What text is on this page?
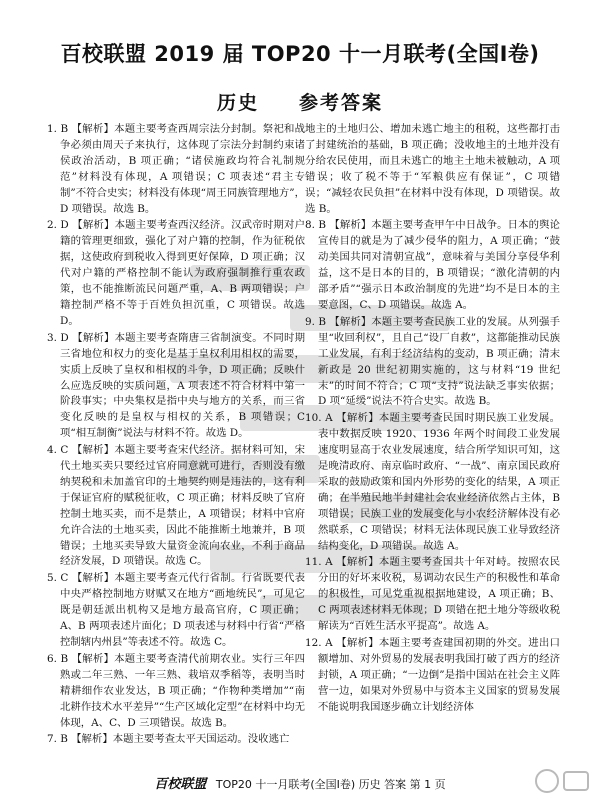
百校联盟 2019 届 TOP20 十一月联考(全国Ⅰ卷)
历史 参考答案

1. B 【解析】本题主要考查西周宗法分封制。祭祀和战争必须由周天子来执行，这体现了宗法分封制约束诸侯政治活动，B 项正确；“诸侯施政均符合礼制规范”材料没有体现，A 项错误；C 项表述“君主专制”不符合史实；材料没有体现“周王同族管理地方”，D 项错误。故选 B。

2. D 【解析】本题主要考查西汉经济。汉武帝时期对户籍的管理更细致，强化了对户籍的控制，作为征税依据，这使政府到税收入得到更好保障，D 项正确；汉代对户籍的严格控制不能认为政府强制推行重农政策，也不能推断流民问题严重，A、B 两项错误；户籍控制严格不等于百姓负担沉重，C 项错误。故选 D。

3. D 【解析】本题主要考查隋唐三省制演变。不同时期三省地位和权力的变化是基于皇权利用相权的需要，实质上反映了皇权和相权的斗争，D 项正确；反映什么应选反映的实质问题，A 项表述不符合材料中第一阶段事实；中央集权是指中央与地方的关系，而三省变化反映的是皇权与相权的关系，B 项错误；C 项“相互制衡”说法与材料不符。故选 D。

4. C 【解析】本题主要考查宋代经济。据材料可知，宋代土地买卖只要经过官府同意就可进行，否则没有缴纳契税和未加盖官印的土地契约则是违法的，这有利于保证官府的赋税征收，C 项正确；材料反映了官府控制土地买卖，而不是禁止，A 项错误；材料中官府允许合法的土地买卖，因此不能推断土地兼并，B 项错误；土地买卖导致大量资金流向农业，不利于商品经济发展，D 项错误。故选 C。

5. C 【解析】本题主要考查元代行省制。行省既要代表中央严格控制地方财赋又在地方“画地统民”，可见它既是朝廷派出机构又是地方最高官府，C 项正确；A、B 两项表述片面化；D 项表述与材料中行省“严格控制辖内州县”等表述不符。故选 C。

6. B 【解析】本题主要考查清代前期农业。实行三年四熟或二年三熟、一年三熟、栽培双季稻等，表明当时精耕细作农业发达，B 项正确；“作物种类增加”“南北耕作技术水平差异”“生产区域化定型”在材料中均无体现，A、C、D 三项错误。故选 B。

7. B 【解析】本题主要考查太平天国运动。没收逃亡

地主的土地归公、增加未逃亡地主的租税，这些都打击了封建统治的基础，B 项正确；没收地主的土地并没有分给农民使用，而且未逃亡的地主土地未被触动，A 项错误；收了税不等于“军粮供应有保证”，C 项错误；“减轻农民负担”在材料中没有体现，D 项错误。故选 B。

8. B 【解析】本题主要考查甲午中日战争。日本的舆论宣传目的就是为了减少侵华的阻力，A 项正确；“鼓动美国共同对清朝宣战”，意味着与美国分享侵华利益，这不是日本的目的，B 项错误；“激化清朝的内部矛盾”“强示日本政治制度的先进”均不是日本的主要意图，C、D 项错误。故选 A。

9. B 【解析】本题主要考查民族工业的发展。从列强手里“收回利权”，且自己“设厂自救”，这都能推动民族工业发展，有利于经济结构的变动，B 项正确；清末新政是 20 世纪初期实施的，这与材料“19 世纪末”的时间不符合；C 项“支持”说法缺乏事实依据；D 项“延缓”说法不符合史实。故选 B。

10. A 【解析】本题主要考查民国时期民族工业发展。表中数据反映 1920、1936 年两个时间段工业发展速度明显高于农业发展速度，结合所学知识可知，这是晚清政府、南京临时政府、“一战”、南京国民政府采取的鼓励政策和国内外形势的变化的结果，A 项正确；在半殖民地半封建社会农业经济依然占主体，B 项错误；民族工业的发展变化与小农经济解体没有必然联系，C 项错误；材料无法体现民族工业导致经济结构变化，D 项错误。故选 A。

11. A 【解析】本题主要考查国共十年对峙。按照农民分田的好坏来收税，易调动农民生产的积极性和革命的积极性，可见党重视根据地建设，A 项正确；B、C 两项表述材料无体现；D 项错在把土地分等级收税解读为“百姓生活水平提高”。故选 A。

12. A 【解析】本题主要考查建国初期的外交。进出口额增加、对外贸易的发展表明我国打破了西方的经济封锁，A 项正确；“一边倒”是指中国站在社会主义阵营一边，如果对外贸易中与资本主义国家的贸易发展不能说明我国逐步确立计划经济体

百校联盟 TOP20 十一月联考(全国Ⅰ卷) 历史 答案 第 1 页
